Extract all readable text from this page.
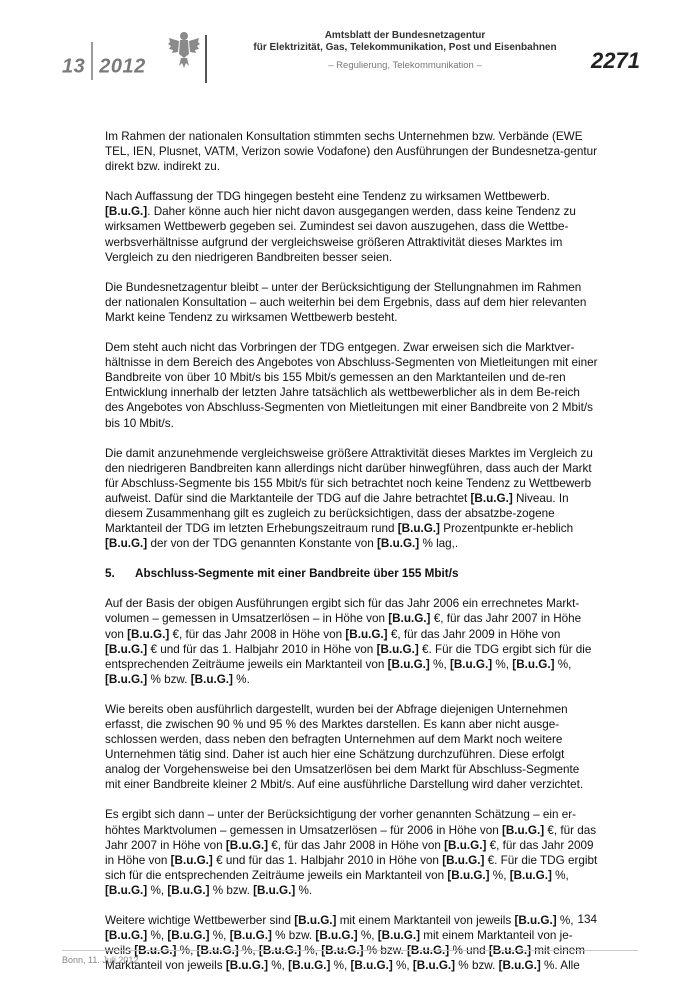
13 2012
Amtsblatt der Bundesnetzagentur
für Elektrizität, Gas, Telekommunikation, Post und Eisenbahnen
– Regulierung, Telekommunikation –	2271

Im Rahmen der nationalen Konsultation stimmten sechs Unternehmen bzw. Verbände (EWE TEL, IEN, Plusnet, VATM, Verizon sowie Vodafone) den Ausführungen der Bundesnetza-gentur direkt bzw. indirekt zu.

Nach Auffassung der TDG hingegen besteht eine Tendenz zu wirksamen Wettbewerb. [B.u.G.]. Daher könne auch hier nicht davon ausgegangen werden, dass keine Tendenz zu wirksamen Wettbewerb gegeben sei. Zumindest sei davon auszugehen, dass die Wettbe-werbsverhältnisse aufgrund der vergleichsweise größeren Attraktivität dieses Marktes im Vergleich zu den niedrigeren Bandbreiten besser seien.

Die Bundesnetzagentur bleibt – unter der Berücksichtigung der Stellungnahmen im Rahmen der nationalen Konsultation – auch weiterhin bei dem Ergebnis, dass auf dem hier relevanten Markt keine Tendenz zu wirksamen Wettbewerb besteht.

Dem steht auch nicht das Vorbringen der TDG entgegen. Zwar erweisen sich die Marktver-hältnisse in dem Bereich des Angebotes von Abschluss-Segmenten von Mietleitungen mit einer Bandbreite von über 10 Mbit/s bis 155 Mbit/s gemessen an den Marktanteilen und de-ren Entwicklung innerhalb der letzten Jahre tatsächlich als wettbewerblicher als in dem Be-reich des Angebotes von Abschluss-Segmenten von Mietleitungen mit einer Bandbreite von 2 Mbit/s bis 10 Mbit/s.

Die damit anzunehmende vergleichsweise größere Attraktivität dieses Marktes im Vergleich zu den niedrigeren Bandbreiten kann allerdings nicht darüber hinwegführen, dass auch der Markt für Abschluss-Segmente bis 155 Mbit/s für sich betrachtet noch keine Tendenz zu Wettbewerb aufweist. Dafür sind die Marktanteile der TDG auf die Jahre betrachtet [B.u.G.] Niveau. In diesem Zusammenhang gilt es zugleich zu berücksichtigen, dass der absatzbe-zogene Marktanteil der TDG im letzten Erhebungszeitraum rund [B.u.G.] Prozentpunkte er-heblich [B.u.G.] der von der TDG genannten Konstante von [B.u.G.] % lag,.

5. Abschluss-Segmente mit einer Bandbreite über 155 Mbit/s

Auf der Basis der obigen Ausführungen ergibt sich für das Jahr 2006 ein errechnetes Markt-volumen – gemessen in Umsatzerlösen – in Höhe von [B.u.G.] €, für das Jahr 2007 in Höhe von [B.u.G.] €, für das Jahr 2008 in Höhe von [B.u.G.] €, für das Jahr 2009 in Höhe von [B.u.G.] € und für das 1. Halbjahr 2010 in Höhe von [B.u.G.] €. Für die TDG ergibt sich für die entsprechenden Zeiträume jeweils ein Marktanteil von [B.u.G.] %, [B.u.G.] %, [B.u.G.] %, [B.u.G.] % bzw. [B.u.G.] %.

Wie bereits oben ausführlich dargestellt, wurden bei der Abfrage diejenigen Unternehmen erfasst, die zwischen 90 % und 95 % des Marktes darstellen. Es kann aber nicht ausge-schlossen werden, dass neben den befragten Unternehmen auf dem Markt noch weitere Unternehmen tätig sind. Daher ist auch hier eine Schätzung durchzuführen. Diese erfolgt analog der Vorgehensweise bei den Umsatzerlösen bei dem Markt für Abschluss-Segmente mit einer Bandbreite kleiner 2 Mbit/s. Auf eine ausführliche Darstellung wird daher verzichtet.

Es ergibt sich dann – unter der Berücksichtigung der vorher genannten Schätzung – ein er-höhtes Marktvolumen – gemessen in Umsatzerlösen – für 2006 in Höhe von [B.u.G.] €, für das Jahr 2007 in Höhe von [B.u.G.] €, für das Jahr 2008 in Höhe von [B.u.G.] €, für das Jahr 2009 in Höhe von [B.u.G.] € und für das 1. Halbjahr 2010 in Höhe von [B.u.G.] €. Für die TDG ergibt sich für die entsprechenden Zeiträume jeweils ein Marktanteil von [B.u.G.] %, [B.u.G.] %, [B.u.G.] %, [B.u.G.] % bzw. [B.u.G.] %.

Weitere wichtige Wettbewerber sind [B.u.G.] mit einem Marktanteil von jeweils [B.u.G.] %, [B.u.G.] %, [B.u.G.] %, [B.u.G.] % bzw. [B.u.G.] %, [B.u.G.] mit einem Marktanteil von je- Marktanteil von jeweils [B.u.G.] %, [B.u.G.] %, [B.u.G.] %, [B.u.G.] % bzw. [B.u.G.] %. Alle

134
Bonn, 11. Juli 2012
